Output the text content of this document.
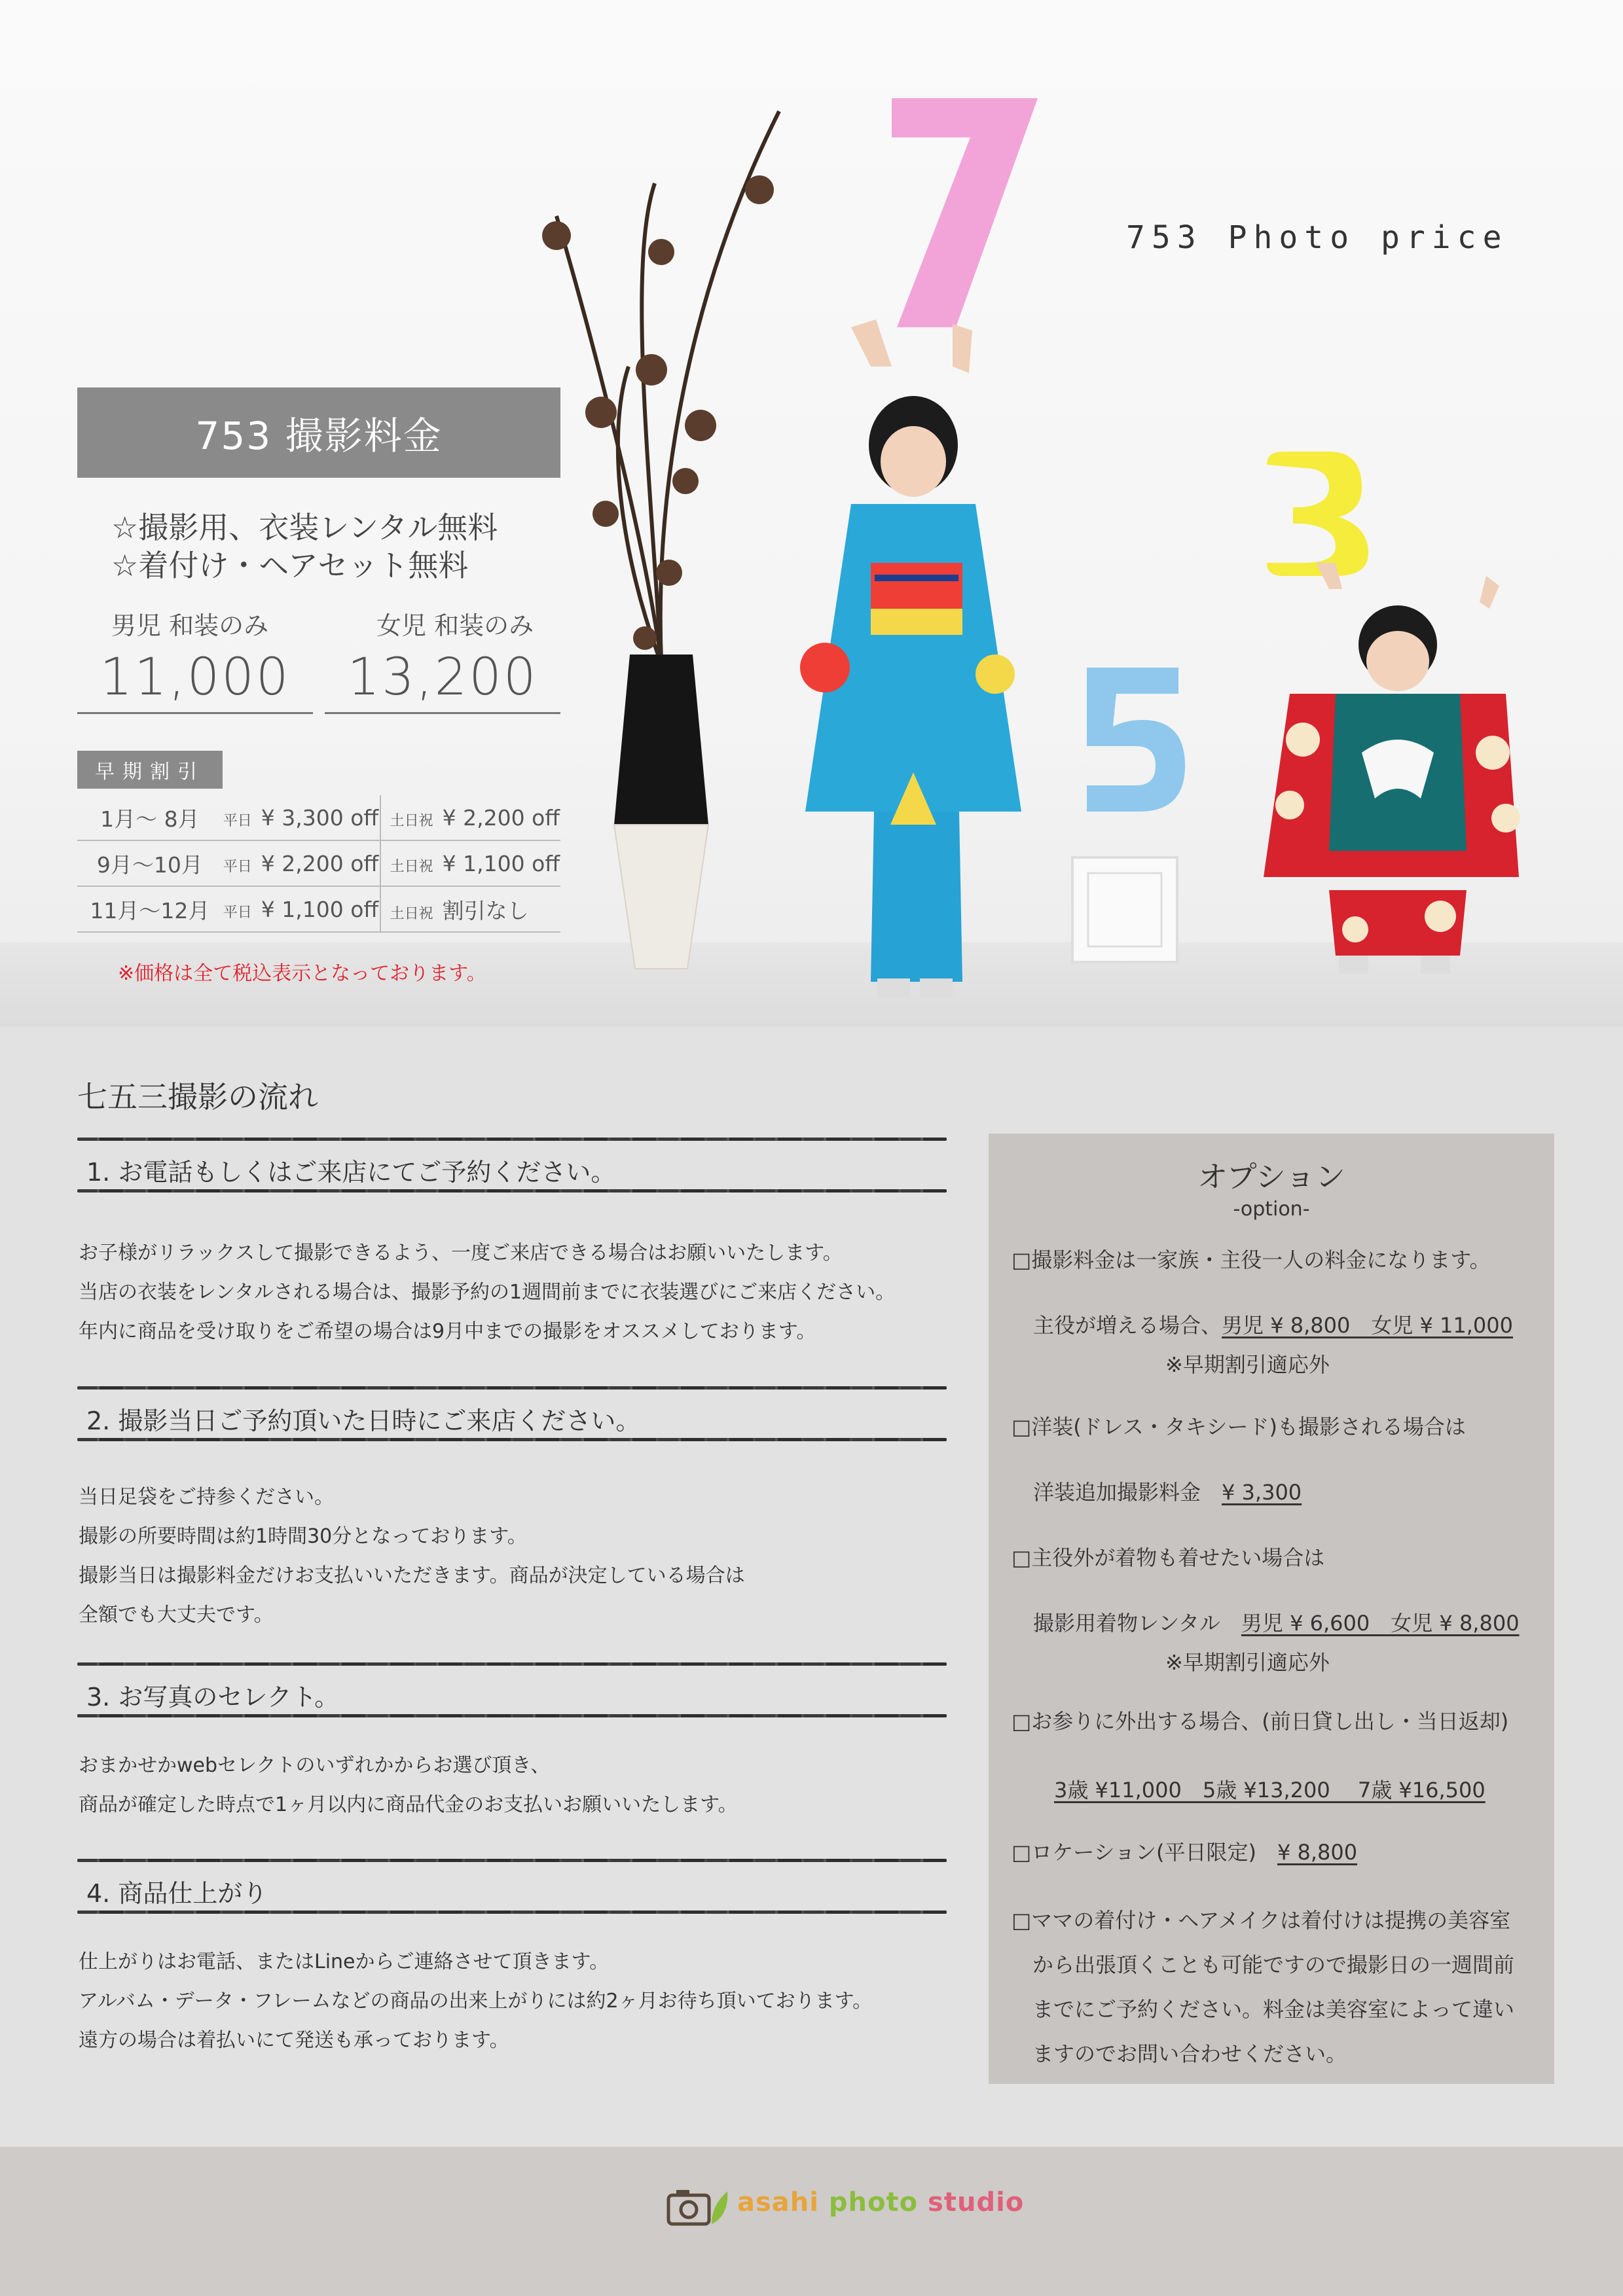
753 Photo price
753 撮影料金
☆撮影用、衣装レンタル無料
☆着付け・ヘアセット無料
男児 和装のみ	女児 和装のみ
11,000	13,200
早期割引
1月〜 8月	平日 ¥ 3,300 off	土日祝 ¥ 2,200 off
9月〜10月	平日 ¥ 2,200 off	土日祝 ¥ 1,100 off
11月〜12月	平日 ¥ 1,100 off	土日祝 割引なし
※価格は全て税込表示となっております。
七五三撮影の流れ
1. お電話もしくはご来店にてご予約ください。
お子様がリラックスして撮影できるよう、一度ご来店できる場合はお願いいたします。
当店の衣装をレンタルされる場合は、撮影予約の1週間前までに衣装選びにご来店ください。
年内に商品を受け取りをご希望の場合は9月中までの撮影をオススメしております。
2. 撮影当日ご予約頂いた日時にご来店ください。
当日足袋をご持参ください。
撮影の所要時間は約1時間30分となっております。
撮影当日は撮影料金だけお支払いいただきます。商品が決定している場合は
全額でも大丈夫です。
3. お写真のセレクト。
おまかせかwebセレクトのいずれかからお選び頂き、
商品が確定した時点で1ヶ月以内に商品代金のお支払いお願いいたします。
4. 商品仕上がり
仕上がりはお電話、またはLineからご連絡させて頂きます。
アルバム・データ・フレームなどの商品の出来上がりには約2ヶ月お待ち頂いております。
遠方の場合は着払いにて発送も承っております。
オプション
-option-
□撮影料金は一家族・主役一人の料金になります。
主役が増える場合、男児 ¥ 8,800　女児 ¥ 11,000
※早期割引適応外
□洋装(ドレス・タキシード)も撮影される場合は
洋装追加撮影料金　¥ 3,300
□主役外が着物も着せたい場合は
撮影用着物レンタル　男児 ¥ 6,600　女児 ¥ 8,800
※早期割引適応外
□お参りに外出する場合、(前日貸し出し・当日返却)
3歳 ¥11,000　5歳 ¥13,200　 7歳 ¥16,500
□ロケーション(平日限定)　¥ 8,800
□ママの着付け・ヘアメイクは着付けは提携の美容室
から出張頂くことも可能ですので撮影日の一週間前
までにご予約ください。料金は美容室によって違い
ますのでお問い合わせください。
asahi photo studio
